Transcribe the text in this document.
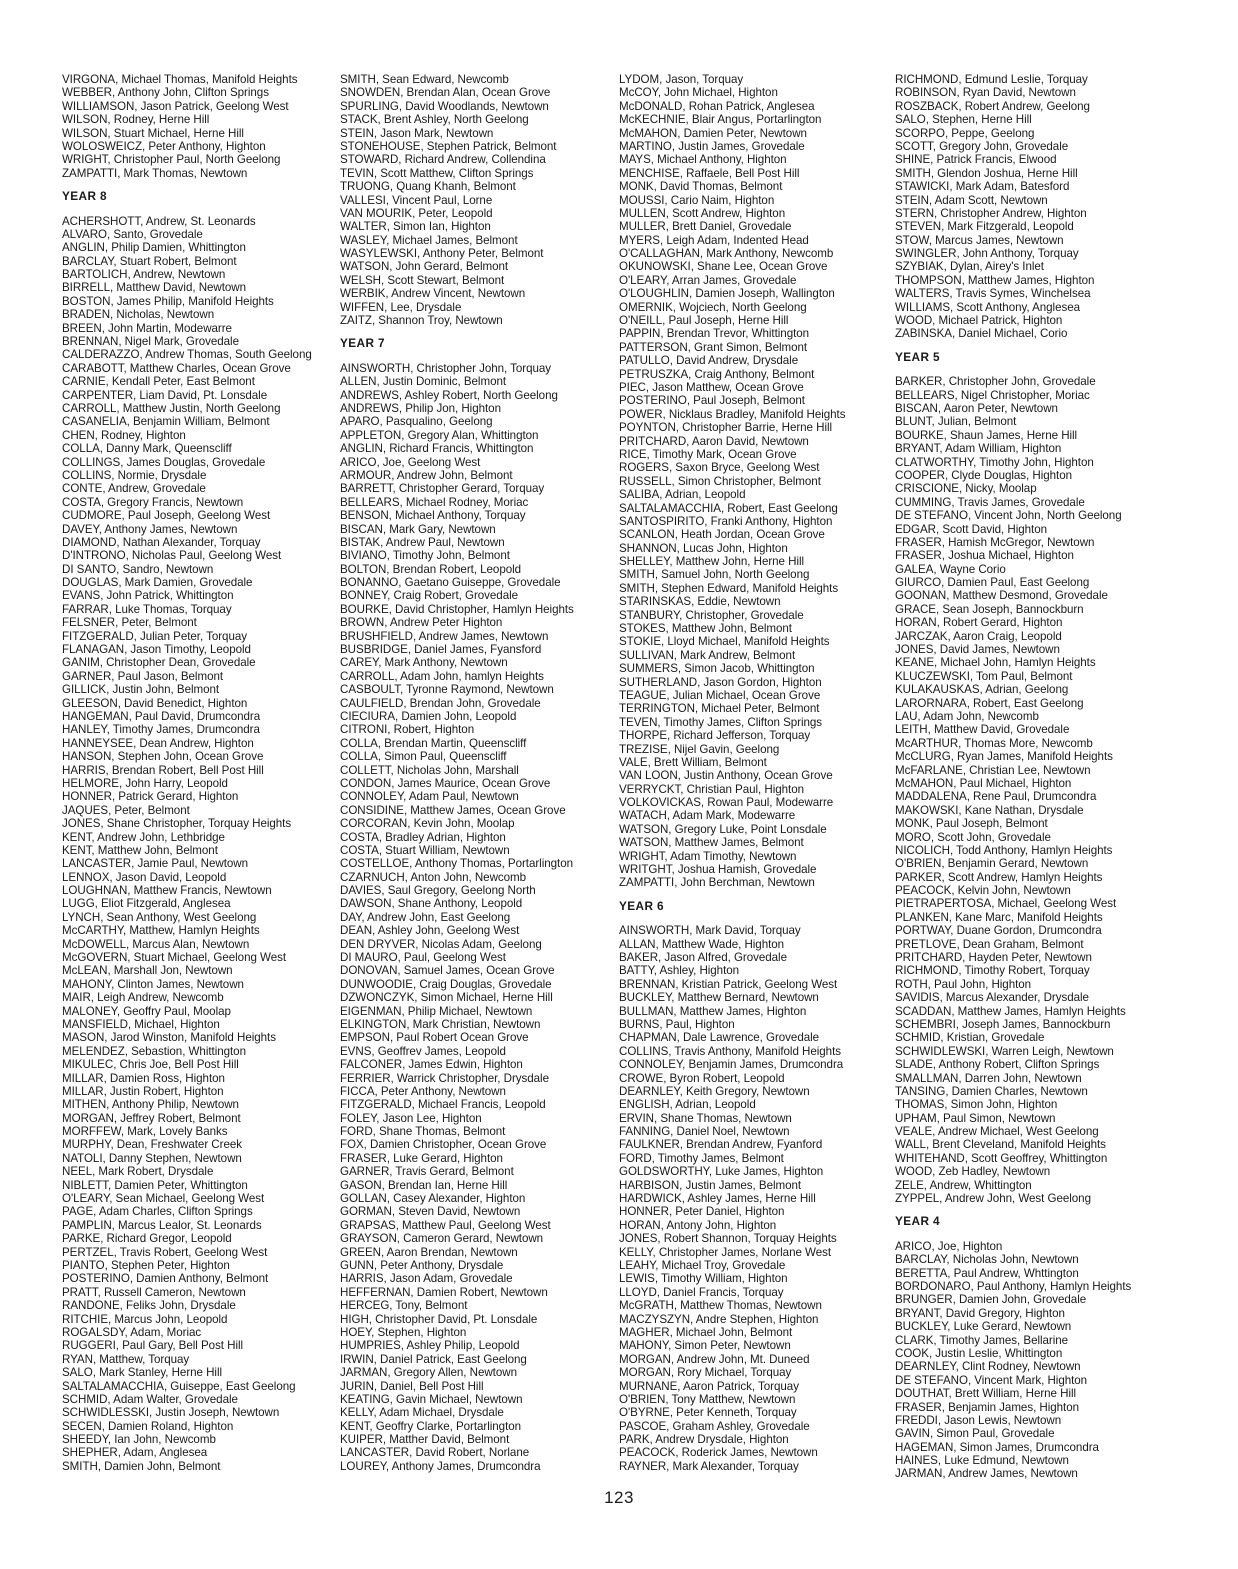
VIRGONA, Michael Thomas, Manifold Heights
WEBBER, Anthony John, Clifton Springs
WILLIAMSON, Jason Patrick, Geelong West
WILSON, Rodney, Herne Hill
WILSON, Stuart Michael, Herne Hill
WOLOSWEICZ, Peter Anthony, Highton
WRIGHT, Christopher Paul, North Geelong
ZAMPATTI, Mark Thomas, Newtown
YEAR 8
ACHERSHOTT, Andrew, St. Leonards
ALVARO, Santo, Grovedale
ANGLIN, Philip Damien, Whittington
BARCLAY, Stuart Robert, Belmont
BARTOLICH, Andrew, Newtown
BIRRELL, Matthew David, Newtown
BOSTON, James Philip, Manifold Heights
BRADEN, Nicholas, Newtown
BREEN, John Martin, Modewarre
BRENNAN, Nigel Mark, Grovedale
CALDERAZZO, Andrew Thomas, South Geelong
CARABOTT, Matthew Charles, Ocean Grove
CARNIE, Kendall Peter, East Belmont
CARPENTER, Liam David, Pt. Lonsdale
CARROLL, Matthew Justin, North Geelong
CASANELIA, Benjamin William, Belmont
CHEN, Rodney, Highton
COLLA, Danny Mark, Queenscliff
COLLINGS, James Douglas, Grovedale
COLLINS, Normie, Drysdale
CONTE, Andrew, Grovedale
COSTA, Gregory Francis, Newtown
CUDMORE, Paul Joseph, Geelong West
DAVEY, Anthony James, Newtown
DIAMOND, Nathan Alexander, Torquay
D'INTRONO, Nicholas Paul, Geelong West
DI SANTO, Sandro, Newtown
DOUGLAS, Mark Damien, Grovedale
EVANS, John Patrick, Whittington
FARRAR, Luke Thomas, Torquay
FELSNER, Peter, Belmont
FITZGERALD, Julian Peter, Torquay
FLANAGAN, Jason Timothy, Leopold
GANIM, Christopher Dean, Grovedale
GARNER, Paul Jason, Belmont
GILLICK, Justin John, Belmont
GLEESON, David Benedict, Highton
HANGEMAN, Paul David, Drumcondra
HANLEY, Timothy James, Drumcondra
HANNEYSEE, Dean Andrew, Highton
HANSON, Stephen John, Ocean Grove
HARRIS, Brendan Robert, Bell Post Hill
HELMORE, John Harry, Leopold
HONNER, Patrick Gerard, Highton
JAQUES, Peter, Belmont
JONES, Shane Christopher, Torquay Heights
KENT, Andrew John, Lethbridge
KENT, Matthew John, Belmont
LANCASTER, Jamie Paul, Newtown
LENNOX, Jason David, Leopold
LOUGHNAN, Matthew Francis, Newtown
LUGG, Eliot Fitzgerald, Anglesea
LYNCH, Sean Anthony, West Geelong
McCARTHY, Matthew, Hamlyn Heights
McDOWELL, Marcus Alan, Newtown
McGOVERN, Stuart Michael, Geelong West
McLEAN, Marshall Jon, Newtown
MAHONY, Clinton James, Newtown
MAIR, Leigh Andrew, Newcomb
MALONEY, Geoffry Paul, Moolap
MANSFIELD, Michael, Highton
MASON, Jarod Winston, Manifold Heights
MELENDEZ, Sebastion, Whittington
MIKULEC, Chris Joe, Bell Post Hill
MILLAR, Damien Ross, Highton
MILLAR, Justin Robert, Highton
MITHEN, Anthony Philip, Newtown
MORGAN, Jeffrey Robert, Belmont
MORFFEW, Mark, Lovely Banks
MURPHY, Dean, Freshwater Creek
NATOLI, Danny Stephen, Newtown
NEEL, Mark Robert, Drysdale
NIBLETT, Damien Peter, Whittington
O'LEARY, Sean Michael, Geelong West
PAGE, Adam Charles, Clifton Springs
PAMPLIN, Marcus Lealor, St. Leonards
PARKE, Richard Gregor, Leopold
PERTZEL, Travis Robert, Geelong West
PIANTO, Stephen Peter, Highton
POSTERINO, Damien Anthony, Belmont
PRATT, Russell Cameron, Newtown
RANDONE, Feliks John, Drysdale
RITCHIE, Marcus John, Leopold
ROGALSDY, Adam, Moriac
RUGGERI, Paul Gary, Bell Post Hill
RYAN, Matthew, Torquay
SALO, Mark Stanley, Herne Hill
SALTALAMACCHIA, Guiseppe, East Geelong
SCHMID, Adam Walter, Grovedale
SCHWIDLESSKI, Justin Joseph, Newtown
SECEN, Damien Roland, Highton
SHEEDY, Ian John, Newcomb
SHEPHER, Adam, Anglesea
SMITH, Damien John, Belmont
SMITH, Sean Edward, Newcomb
SNOWDEN, Brendan Alan, Ocean Grove
SPURLING, David Woodlands, Newtown
STACK, Brent Ashley, North Geelong
STEIN, Jason Mark, Newtown
STONEHOUSE, Stephen Patrick, Belmont
STOWARD, Richard Andrew, Collendina
TEVIN, Scott Matthew, Clifton Springs
TRUONG, Quang Khanh, Belmont
VALLESI, Vincent Paul, Lorne
VAN MOURIK, Peter, Leopold
WALTER, Simon Ian, Highton
WASLEY, Michael James, Belmont
WASYLEWSKI, Anthony Peter, Belmont
WATSON, John Gerard, Belmont
WELSH, Scott Stewart, Belmont
WERBIK, Andrew Vincent, Newtown
WIFFEN, Lee, Drysdale
ZAITZ, Shannon Troy, Newtown
YEAR 7
AINSWORTH, Christopher John, Torquay
ALLEN, Justin Dominic, Belmont
ANDREWS, Ashley Robert, North Geelong
ANDREWS, Philip Jon, Highton
APARO, Pasqualino, Geelong
APPLETON, Gregory Alan, Whittington
ANGLIN, Richard Francis, Whittington
ARICO, Joe, Geelong West
ARMOUR, Andrew John, Belmont
BARRETT, Christopher Gerard, Torquay
BELLEARS, Michael Rodney, Moriac
BENSON, Michael Anthony, Torquay
BISCAN, Mark Gary, Newtown
BISTAK, Andrew Paul, Newtown
BIVIANO, Timothy John, Belmont
BOLTON, Brendan Robert, Leopold
BONANNO, Gaetano Guiseppe, Grovedale
BONNEY, Craig Robert, Grovedale
BOURKE, David Christopher, Hamlyn Heights
BROWN, Andrew Peter Highton
BRUSHFIELD, Andrew James, Newtown
BUSBRIDGE, Daniel James, Fyansford
CAREY, Mark Anthony, Newtown
CARROLL, Adam John, hamlyn Heights
CASBOULT, Tyronne Raymond, Newtown
CAULFIELD, Brendan John, Grovedale
CIECIURA, Damien John, Leopold
CITRONI, Robert, Highton
COLLA, Brendan Martin, Queenscliff
COLLA, Simon Paul, Queenscliff
COLLETT, Nicholas John, Marshall
CONDON, James Maurice, Ocean Grove
CONNOLEY, Adam Paul, Newtown
CONSIDINE, Matthew James, Ocean Grove
CORCORAN, Kevin John, Moolap
COSTA, Bradley Adrian, Highton
COSTA, Stuart William, Newtown
COSTELLOE, Anthony Thomas, Portarlington
CZARNUCH, Anton John, Newcomb
DAVIES, Saul Gregory, Geelong North
DAWSON, Shane Anthony, Leopold
DAY, Andrew John, East Geelong
DEAN, Ashley John, Geelong West
DEN DRYVER, Nicolas Adam, Geelong
DI MAURO, Paul, Geelong West
DONOVAN, Samuel James, Ocean Grove
DUNWOODIE, Craig Douglas, Grovedale
DZWONCZYK, Simon Michael, Herne Hill
EIGENMAN, Philip Michael, Newtown
ELKINGTON, Mark Christian, Newtown
EMPSON, Paul Robert Ocean Grove
EVNS, Geoffrev James, Leopold
FALCONER, James Edwin, Highton
FERRIER, Warrick Christopher, Drysdale
FICCA, Peter Anthony, Newtown
FITZGERALD, Michael Francis, Leopold
FOLEY, Jason Lee, Highton
FORD, Shane Thomas, Belmont
FOX, Damien Christopher, Ocean Grove
FRASER, Luke Gerard, Highton
GARNER, Travis Gerard, Belmont
GASON, Brendan Ian, Herne Hill
GOLLAN, Casey Alexander, Highton
GORMAN, Steven David, Newtown
GRAPSAS, Matthew Paul, Geelong West
GRAYSON, Cameron Gerard, Newtown
GREEN, Aaron Brendan, Newtown
GUNN, Peter Anthony, Drysdale
HARRIS, Jason Adam, Grovedale
HEFFERNAN, Damien Robert, Newtown
HERCEG, Tony, Belmont
HIGH, Christopher David, Pt. Lonsdale
HOEY, Stephen, Highton
HUMPRIES, Ashley Philip, Leopold
IRWIN, Daniel Patrick, East Geelong
JARMAN, Gregory Allen, Newtown
JURIN, Daniel, Bell Post Hill
KEATING, Gavin Michael, Newtown
KELLY, Adam Michael, Drysdale
KENT, Geoffry Clarke, Portarlington
KUIPER, Matther David, Belmont
LANCASTER, David Robert, Norlane
LOUREY, Anthony James, Drumcondra
LYDOM, Jason, Torquay
McCOY, John Michael, Highton
McDONALD, Rohan Patrick, Anglesea
McKECHNIE, Blair Angus, Portarlington
McMAHON, Damien Peter, Newtown
MARTINO, Justin James, Grovedale
MAYS, Michael Anthony, Highton
MENCHISE, Raffaele, Bell Post Hill
MONK, David Thomas, Belmont
MOUSSI, Cario Naim, Highton
MULLEN, Scott Andrew, Highton
MULLER, Brett Daniel, Grovedale
MYERS, Leigh Adam, Indented Head
O'CALLAGHAN, Mark Anthony, Newcomb
OKUNOWSKI, Shane Lee, Ocean Grove
O'LEARY, Arran James, Grovedale
O'LOUGHLIN, Damien Joseph, Wallington
OMERNIK, Wojciech, North Geelong
O'NEILL, Paul Joseph, Herne Hill
PAPPIN, Brendan Trevor, Whittington
PATTERSON, Grant Simon, Belmont
PATULLO, David Andrew, Drysdale
PETRUSZKA, Craig Anthony, Belmont
PIEC, Jason Matthew, Ocean Grove
POSTERINO, Paul Joseph, Belmont
POWER, Nicklaus Bradley, Manifold Heights
POYNTON, Christopher Barrie, Herne Hill
PRITCHARD, Aaron David, Newtown
RICE, Timothy Mark, Ocean Grove
ROGERS, Saxon Bryce, Geelong West
RUSSELL, Simon Christopher, Belmont
SALIBA, Adrian, Leopold
SALTALAMACCHIA, Robert, East Geelong
SANTOSPIRITO, Franki Anthony, Highton
SCANLON, Heath Jordan, Ocean Grove
SHANNON, Lucas John, Highton
SHELLEY, Matthew John, Herne Hill
SMITH, Samuel John, North Geelong
SMITH, Stephen Edward, Manifold Heights
STARINSKAS, Eddie, Newtown
STANBURY, Christopher, Grovedale
STOKES, Matthew John, Belmont
STOKIE, Lloyd Michael, Manifold Heights
SULLIVAN, Mark Andrew, Belmont
SUMMERS, Simon Jacob, Whittington
SUTHERLAND, Jason Gordon, Highton
TEAGUE, Julian Michael, Ocean Grove
TERRINGTON, Michael Peter, Belmont
TEVEN, Timothy James, Clifton Springs
THORPE, Richard Jefferson, Torquay
TREZISE, Nijel Gavin, Geelong
VALE, Brett William, Belmont
VAN LOON, Justin Anthony, Ocean Grove
VERRYCKT, Christian Paul, Highton
VOLKOVICKAS, Rowan Paul, Modewarre
WATACH, Adam Mark, Modewarre
WATSON, Gregory Luke, Point Lonsdale
WATSON, Matthew James, Belmont
WRIGHT, Adam Timothy, Newtown
WRITGHT, Joshua Hamish, Grovedale
ZAMPATTI, John Berchman, Newtown
YEAR 6
AINSWORTH, Mark David, Torquay
ALLAN, Matthew Wade, Highton
BAKER, Jason Alfred, Grovedale
BATTY, Ashley, Highton
BRENNAN, Kristian Patrick, Geelong West
BUCKLEY, Matthew Bernard, Newtown
BULLMAN, Matthew James, Highton
BURNS, Paul, Highton
CHAPMAN, Dale Lawrence, Grovedale
COLLINS, Travis Anthony, Manifold Heights
CONNOLEY, Benjamin James, Drumcondra
CROWE, Byron Robert, Leopold
DEARNLEY, Keith Gregory, Newtown
ENGLISH, Adrian, Leopold
ERVIN, Shane Thomas, Newtown
FANNING, Daniel Noel, Newtown
FAULKNER, Brendan Andrew, Fyanford
FORD, Timothy James, Belmont
GOLDSWORTHY, Luke James, Highton
HARBISON, Justin James, Belmont
HARDWICK, Ashley James, Herne Hill
HONNER, Peter Daniel, Highton
HORAN, Antony John, Highton
JONES, Robert Shannon, Torquay Heights
KELLY, Christopher James, Norlane West
LEAHY, Michael Troy, Grovedale
LEWIS, Timothy William, Highton
LLOYD, Daniel Francis, Torquay
McGRATH, Matthew Thomas, Newtown
MACZYSZYN, Andre Stephen, Highton
MAGHER, Michael John, Belmont
MAHONY, Simon Peter, Newtown
MORGAN, Andrew John, Mt. Duneed
MORGAN, Rory Michael, Torquay
MURNANE, Aaron Patrick, Torquay
O'BRIEN, Tony Matthew, Newtown
O'BYRNE, Peter Kenneth, Torquay
PASCOE, Graham Ashley, Grovedale
PARK, Andrew Drysdale, Highton
PEACOCK, Roderick James, Newtown
RAYNER, Mark Alexander, Torquay
RICHMOND, Edmund Leslie, Torquay
ROBINSON, Ryan David, Newtown
ROSZBACK, Robert Andrew, Geelong
SALO, Stephen, Herne Hill
SCORPO, Peppe, Geelong
SCOTT, Gregory John, Grovedale
SHINE, Patrick Francis, Elwood
SMITH, Glendon Joshua, Herne Hill
STAWICKI, Mark Adam, Batesford
STEIN, Adam Scott, Newtown
STERN, Christopher Andrew, Highton
STEVEN, Mark Fitzgerald, Leopold
STOW, Marcus James, Newtown
SWINGLER, John Anthony, Torquay
SZYBIAK, Dylan, Airey's Inlet
THOMPSON, Matthew James, Highton
WALTERS, Travis Symes, Winchelsea
WILLIAMS, Scott Anthony, Anglesea
WOOD, Michael Patrick, Highton
ZABINSKA, Daniel Michael, Corio
YEAR 5
BARKER, Christopher John, Grovedale
BELLEARS, Nigel Christopher, Moriac
BISCAN, Aaron Peter, Newtown
BLUNT, Julian, Belmont
BOURKE, Shaun James, Herne Hill
BRYANT, Adam William, Highton
CLATWORTHY, Timothy John, Highton
COOPER, Clyde Douglas, Highton
CRISCIONE, Nicky, Moolap
CUMMING, Travis James, Grovedale
DE STEFANO, Vincent John, North Geelong
EDGAR, Scott David, Highton
FRASER, Hamish McGregor, Newtown
FRASER, Joshua Michael, Highton
GALEA, Wayne Corio
GIURCO, Damien Paul, East Geelong
GOONAN, Matthew Desmond, Grovedale
GRACE, Sean Joseph, Bannockburn
HORAN, Robert Gerard, Highton
JARCZAK, Aaron Craig, Leopold
JONES, David James, Newtown
KEANE, Michael John, Hamlyn Heights
KLUCZEWSKI, Tom Paul, Belmont
KULAKAUSKAS, Adrian, Geelong
LARORNARA, Robert, East Geelong
LAU, Adam John, Newcomb
LEITH, Matthew David, Grovedale
McARTHUR, Thomas More, Newcomb
McCLURG, Ryan James, Manifold Heights
McFARLANE, Christian Lee, Newtown
McMAHON, Paul Michael, Highton
MADDALENA, Rene Paul, Drumcondra
MAKOWSKI, Kane Nathan, Drysdale
MONK, Paul Joseph, Belmont
MORO, Scott John, Grovedale
NICOLICH, Todd Anthony, Hamlyn Heights
O'BRIEN, Benjamin Gerard, Newtown
PARKER, Scott Andrew, Hamlyn Heights
PEACOCK, Kelvin John, Newtown
PIETRAPERTOSA, Michael, Geelong West
PLANKEN, Kane Marc, Manifold Heights
PORTWAY, Duane Gordon, Drumcondra
PRETLOVE, Dean Graham, Belmont
PRITCHARD, Hayden Peter, Newtown
RICHMOND, Timothy Robert, Torquay
ROTH, Paul John, Highton
SAVIDIS, Marcus Alexander, Drysdale
SCADDAN, Matthew James, Hamlyn Heights
SCHEMBRI, Joseph James, Bannockburn
SCHMID, Kristian, Grovedale
SCHWIDLEWSKI, Warren Leigh, Newtown
SLADE, Anthony Robert, Clifton Springs
SMALLMAN, Darren John, Newtown
TANSING, Damien Charles, Newtown
THOMAS, Simon John, Highton
UPHAM, Paul Simon, Newtown
VEALE, Andrew Michael, West Geelong
WALL, Brent Cleveland, Manifold Heights
WHITEHAND, Scott Geoffrey, Whittington
WOOD, Zeb Hadley, Newtown
ZELE, Andrew, Whittington
ZYPPEL, Andrew John, West Geelong
YEAR 4
ARICO, Joe, Highton
BARCLAY, Nicholas John, Newtown
BERETTA, Paul Andrew, Whttington
BORDONARO, Paul Anthony, Hamlyn Heights
BRUNGER, Damien John, Grovedale
BRYANT, David Gregory, Highton
BUCKLEY, Luke Gerard, Newtown
CLARK, Timothy James, Bellarine
COOK, Justin Leslie, Whittington
DEARNLEY, Clint Rodney, Newtown
DE STEFANO, Vincent Mark, Highton
DOUTHAT, Brett William, Herne Hill
FRASER, Benjamin James, Highton
FREDDI, Jason Lewis, Newtown
GAVIN, Simon Paul, Grovedale
HAGEMAN, Simon James, Drumcondra
HAINES, Luke Edmund, Newtown
JARMAN, Andrew James, Newtown
123
